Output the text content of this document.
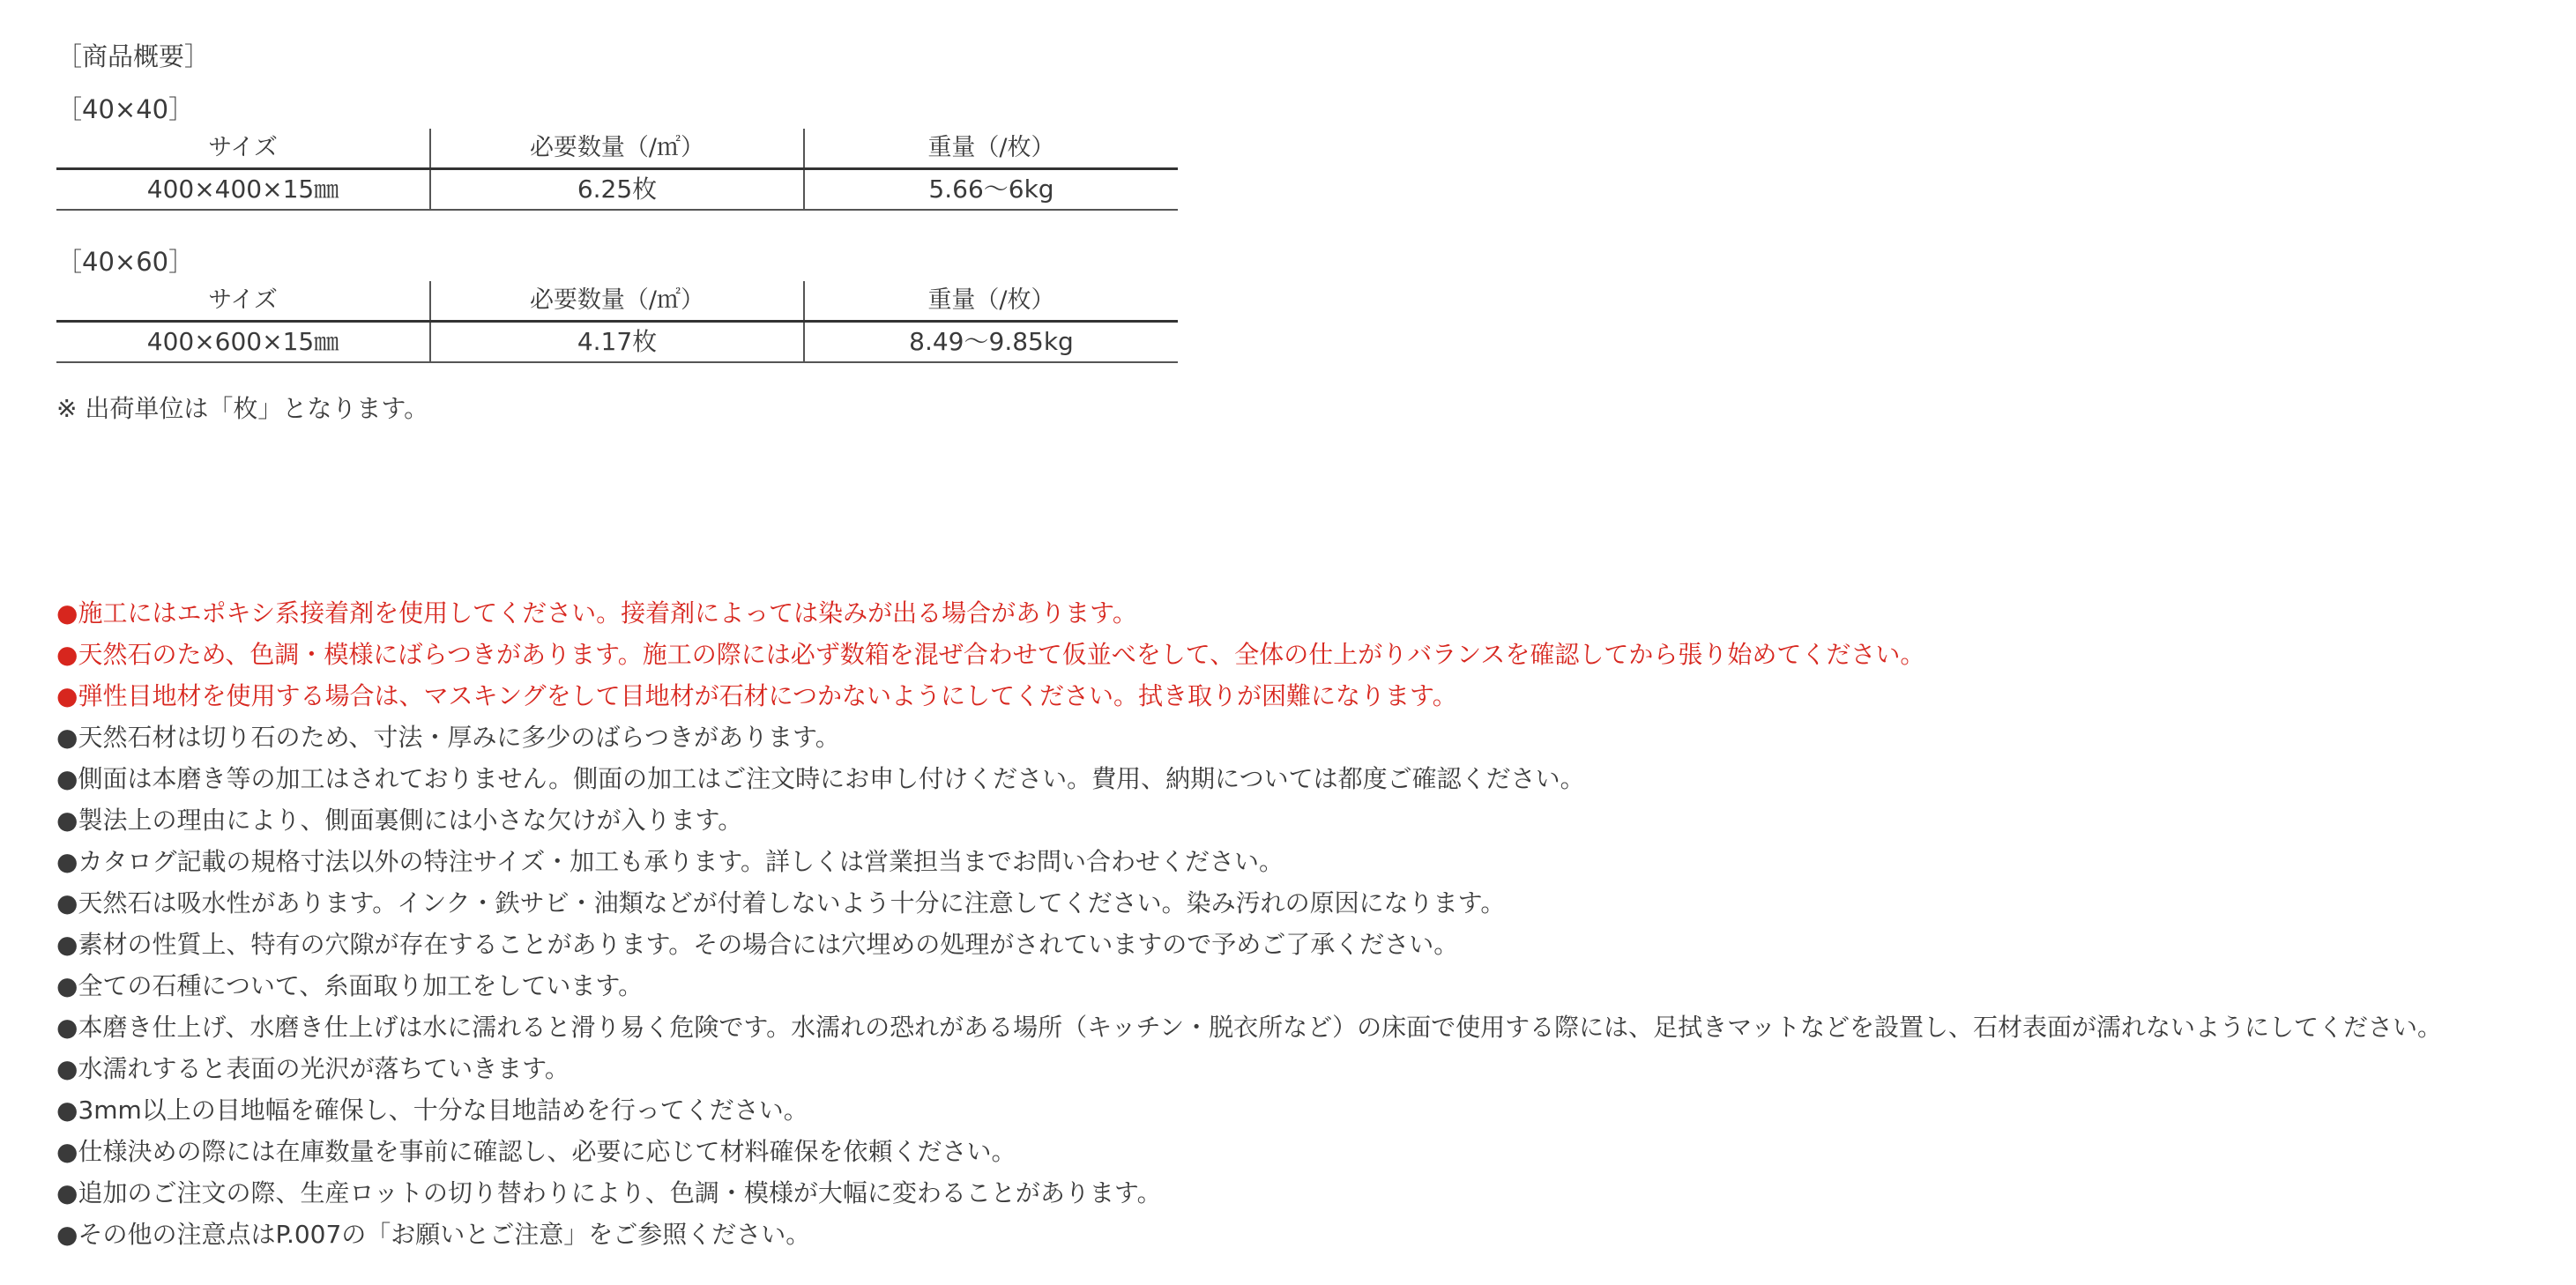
［商品概要］
［40×40］
サイズ	必要数量（/㎡）	重量（/枚）
400×400×15㎜	6.25枚	5.66～6kg
［40×60］
サイズ	必要数量（/㎡）	重量（/枚）
400×600×15㎜	4.17枚	8.49～9.85kg
※ 出荷単位は「枚」となります。
●施工にはエポキシ系接着剤を使用してください。接着剤によっては染みが出る場合があります。
●天然石のため、色調・模様にばらつきがあります。施工の際には必ず数箱を混ぜ合わせて仮並べをして、全体の仕上がりバランスを確認してから張り始めてください。
●弾性目地材を使用する場合は、マスキングをして目地材が石材につかないようにしてください。拭き取りが困難になります。
●天然石材は切り石のため、寸法・厚みに多少のばらつきがあります。
●側面は本磨き等の加工はされておりません。側面の加工はご注文時にお申し付けください。費用、納期については都度ご確認ください。
●製法上の理由により、側面裏側には小さな欠けが入ります。
●カタログ記載の規格寸法以外の特注サイズ・加工も承ります。詳しくは営業担当までお問い合わせください。
●天然石は吸水性があります。インク・鉄サビ・油類などが付着しないよう十分に注意してください。染み汚れの原因になります。
●素材の性質上、特有の穴隙が存在することがあります。その場合には穴埋めの処理がされていますので予めご了承ください。
●全ての石種について、糸面取り加工をしています。
●本磨き仕上げ、水磨き仕上げは水に濡れると滑り易く危険です。水濡れの恐れがある場所（キッチン・脱衣所など）の床面で使用する際には、足拭きマットなどを設置し、石材表面が濡れないようにしてください。
●水濡れすると表面の光沢が落ちていきます。
●3mm以上の目地幅を確保し、十分な目地詰めを行ってください。
●仕様決めの際には在庫数量を事前に確認し、必要に応じて材料確保を依頼ください。
●追加のご注文の際、生産ロットの切り替わりにより、色調・模様が大幅に変わることがあります。
●その他の注意点はP.007の「お願いとご注意」をご参照ください。
